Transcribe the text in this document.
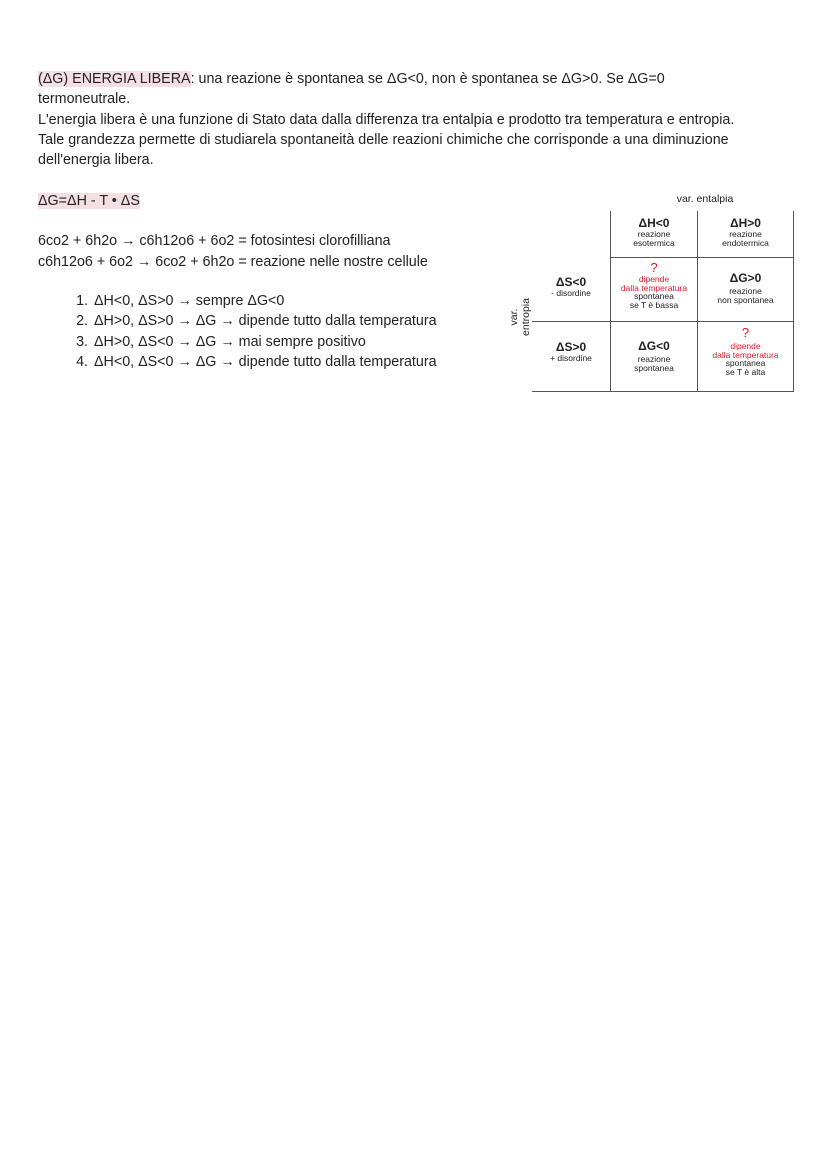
(ΔG) ENERGIA LIBERA: una reazione è spontanea se ΔG<0, non è spontanea se ΔG>0. Se ΔG=0
termoneutrale.
L'energia libera è una funzione di Stato data dalla differenza tra entalpia e prodotto tra temperatura e entropia.
Tale grandezza permette di studiarela spontaneità delle reazioni chimiche che corrisponde a una diminuzione
dell'energia libera.
ΔG=ΔH - T • ΔS
6co2 + 6h2o → c6h12o6 + 6o2 = fotosintesi clorofilliana
c6h12o6 + 6o2 → 6co2 + 6h2o = reazione nelle nostre cellule
1. ΔH<0, ΔS>0 → sempre ΔG<0
2. ΔH>0, ΔS>0 → ΔG → dipende tutto dalla temperatura
3. ΔH>0, ΔS<0 → ΔG → mai sempre positivo
4. ΔH<0, ΔS<0 → ΔG → dipende tutto dalla temperatura
var. entalpia
var. entropia
ΔH<0
reazione
esotermica
ΔH>0
reazione
endotermica
ΔS<0
- disordine
ΔS>0
+ disordine
?
dipende
dalla temperatura
spontanea
se T è bassa
ΔG>0
reazione
non spontanea
ΔG<0
reazione
spontanea
?
dipende
dalla temperatura
spontanea
se T è alta
